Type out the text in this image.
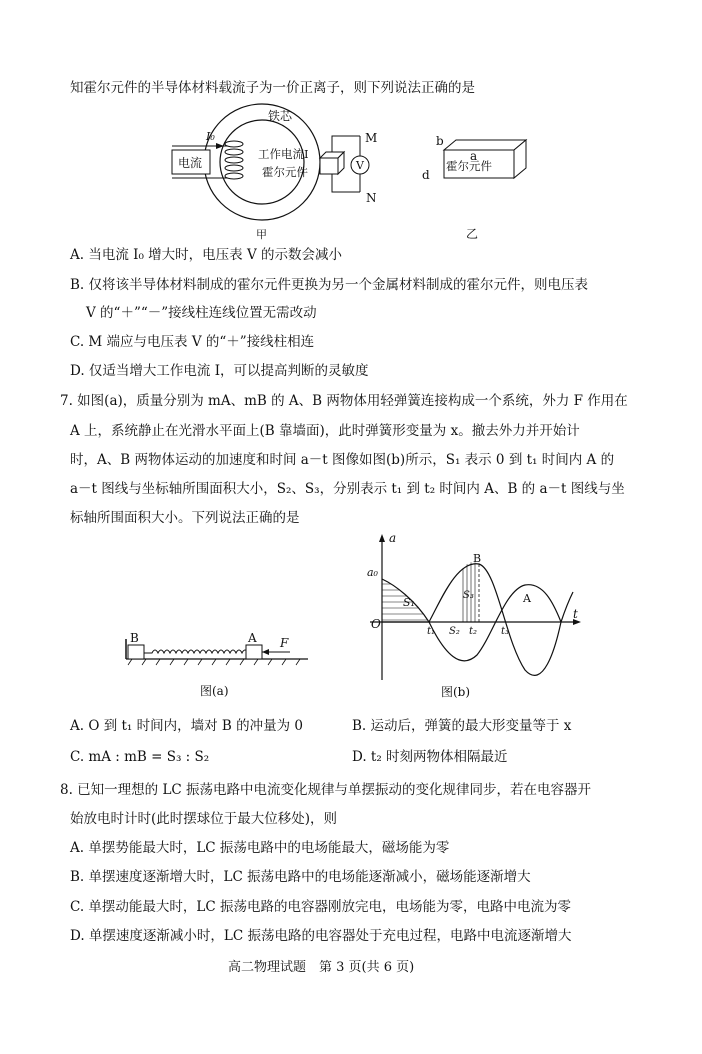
知霍尔元件的半导体材料载流子为一价正离子，则下列说法正确的是
铁芯
电流
I₀
工作电流I
霍尔元件	V
M
N
甲
b
a
d
霍尔元件
乙
A. 当电流 I₀ 增大时，电压表 V 的示数会减小
B. 仅将该半导体材料制成的霍尔元件更换为另一个金属材料制成的霍尔元件，则电压表
V 的“＋”“－”接线柱连线位置无需改动
C. M 端应与电压表 V 的“＋”接线柱相连
D. 仅适当增大工作电流 I，可以提高判断的灵敏度
7. 如图(a)，质量分别为 mA、mB 的 A、B 两物体用轻弹簧连接构成一个系统，外力 F 作用在
A 上，系统静止在光滑水平面上(B 靠墙面)，此时弹簧形变量为 x。撤去外力并开始计
时，A、B 两物体运动的加速度和时间 a－t 图像如图(b)所示，S₁ 表示 0 到 t₁ 时间内 A 的
a－t 图线与坐标轴所围面积大小，S₂、S₃，分别表示 t₁ 到 t₂ 时间内 A、B 的 a－t 图线与坐
标轴所围面积大小。下列说法正确的是
B	A F
图(a)
a
t
O
a₀
S₁
S₂
S₃
t₁	t₂ t₃
B
A
图(b)
A. O 到 t₁ 时间内，墙对 B 的冲量为 0	B. 运动后，弹簧的最大形变量等于 x
C. mA : mB = S₃ : S₂	D. t₂ 时刻两物体相隔最近
8. 已知一理想的 LC 振荡电路中电流变化规律与单摆振动的变化规律同步，若在电容器开
始放电时计时(此时摆球位于最大位移处)，则
A. 单摆势能最大时，LC 振荡电路中的电场能最大，磁场能为零
B. 单摆速度逐渐增大时，LC 振荡电路中的电场能逐渐减小，磁场能逐渐增大
C. 单摆动能最大时，LC 振荡电路的电容器刚放完电，电场能为零，电路中电流为零
D. 单摆速度逐渐减小时，LC 振荡电路的电容器处于充电过程，电路中电流逐渐增大
高二物理试题　第 3 页(共 6 页)
